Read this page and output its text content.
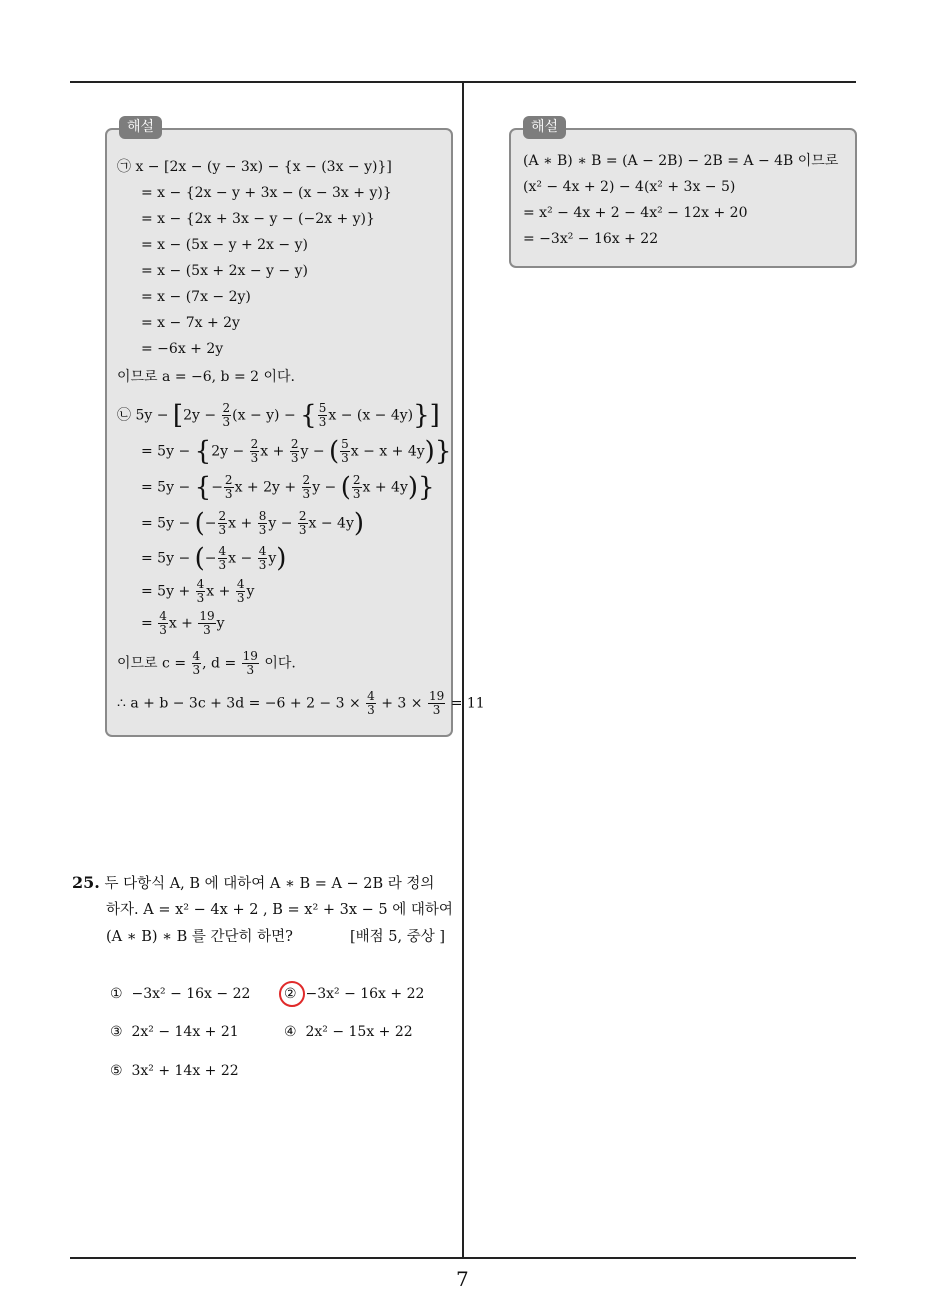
해설
㉠ x − [2x − (y − 3x) − {x − (3x − y)}]
= x − {2x − y + 3x − (x − 3x + y)}
= x − {2x + 3x − y − (−2x + y)}
= x − (5x − y + 2x − y)
= x − (5x + 2x − y − y)
= x − (7x − 2y)
= x − 7x + 2y
= −6x + 2y
이므로 a = −6, b = 2 이다.
㉡ $5y - [2y - \frac{2}{3} (x - y)$ − { $\frac{5}{3}$ x − (x − 4y)}]
= $5y - \{2y - \frac{2}{3}$ $x + \frac{2}{3}$ y − ( $\frac{5}{3}$ x − x + 4y)}
= 5y − {− $\frac{2}{3}$ $x + 2y + \frac{2}{3}$ y − ( $\frac{2}{3}$ x + 4y)}
= 5y − (− $\frac{2}{3}$ $x + \frac{8}{3}$ $y - \frac{2}{3}$ x − 4y)
= 5y − (− $\frac{4}{3}$ $x - \frac{4}{3} y$)
= $5y + \frac{4}{3}$ $x + \frac{4}{3}$ y
= $\frac{4}{3}$ $x + \frac{19}{3}$ y
이므로 $c = \frac{4}{3}$ , $d = \frac{19}{3}$ 이다.
∴ $a + b - 3c + 3d = -6 + 2 - 3 \times \frac{4}{3} + 3 \times \frac{19}{3} = 11$
해설
(A ∗ B) ∗ B = (A − 2B) − 2B = A − 4B 이므로
(x² − 4x + 2) − 4(x² + 3x − 5)
= x² − 4x + 2 − 4x² − 12x + 20
= −3x² − 16x + 22
25. 두 다항식 A, B 에 대하여 A ∗ B = A − 2B 라 정의
하자. A = x² − 4x + 2 , B = x² + 3x − 5 에 대하여
(A ∗ B) ∗ B 를 간단히 하면?	[배점 5, 중상 ]
① −3x² − 16x − 22 ② −3x² − 16x + 22
③ 2x² − 14x + 21	④ 2x² − 15x + 22
⑤ 3x² + 14x + 22
7
